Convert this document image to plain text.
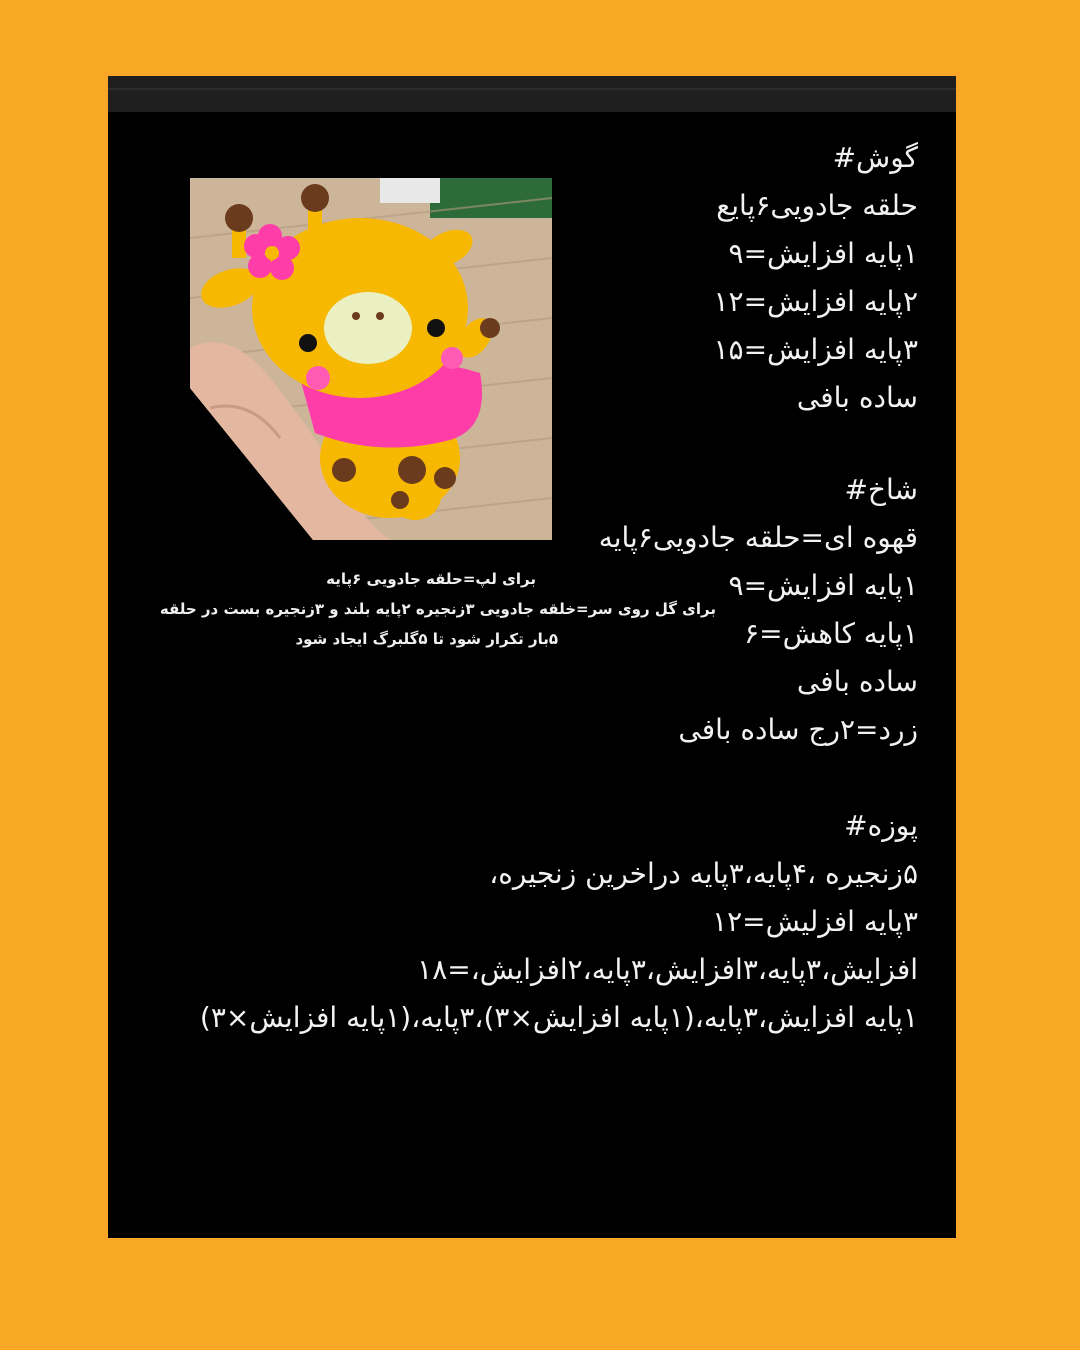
گوش#
حلقه جادویی۶پایع
۱پایه افزایش=۹
۲پایه افزایش=۱۲
۳پایه افزایش=۱۵
ساده بافی
شاخ#
قهوه ای=حلقه جادویی۶پایه
۱پایه افزایش=۹
۱پایه کاهش=۶
ساده بافی
زرد=۲رج ساده بافی
برای لپ=حلقه جادویی ۶پایه
برای گل روی سر=خلقه جادویی ۳زنجیره ۲پایه بلند و ۳زنجیره بست در حلقه
۵بار تکرار شود تا ۵گلبرگ ایجاد شود
پوزه#
۵زنجیره ،۴پایه،۳پایه دراخرین زنجیره،
۳پایه افزلیش=۱۲
افزایش،۳پایه،۳افزایش،۳پایه،۲افزایش،=۱۸
۱پایه افزایش،۳پایه،(۱پایه افزایش×۳)،۳پایه،(۱پایه افزایش×۳)
